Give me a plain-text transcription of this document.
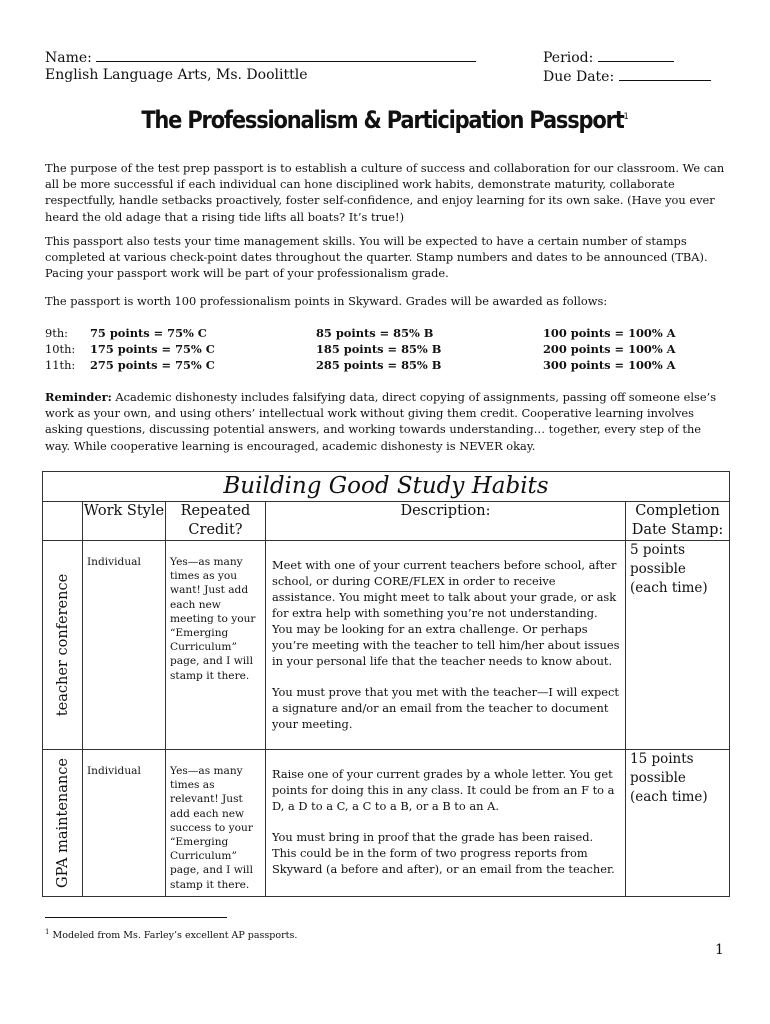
Name:
English Language Arts, Ms. Doolittle
Period:
Due Date:
The Professionalism & Participation Passport$^1$
The purpose of the test prep passport is to establish a culture of success and collaboration for our classroom. We can all be more successful if each individual can hone disciplined work habits, demonstrate maturity, collaborate respectfully, handle setbacks proactively, foster self-confidence, and enjoy learning for its own sake. (Have you ever heard the old adage that a rising tide lifts all boats? It’s true!)
This passport also tests your time management skills. You will be expected to have a certain number of stamps completed at various check-point dates throughout the quarter. Stamp numbers and dates to be announced (TBA). Pacing your passport work will be part of your professionalism grade.
The passport is worth 100 professionalism points in Skyward. Grades will be awarded as follows:
9th: 75 points = 75% C	85 points = 85% B	100 points = 100% A
10th: 175 points = 75% C	185 points = 85% B	200 points = 100% A
11th: 275 points = 75% C	285 points = 85% B	300 points = 100% A
Reminder: Academic dishonesty includes falsifying data, direct copying of assignments, passing off someone else’s work as your own, and using others’ intellectual work without giving them credit. Cooperative learning involves asking questions, discussing potential answers, and working towards understanding… together, every step of the way. While cooperative learning is encouraged, academic dishonesty is NEVER okay.
Building Good Study Habits				
	Work Style	Repeated Credit?	Description:	Completion Date Stamp:

teacher conference	Individual	Yes—as many times as you want! Just add each new meeting to your “Emerging Curriculum” page, and I will stamp it there.	Meet with one of your current teachers before school, after school, or during CORE/FLEX in order to receive assistance. You might meet to talk about your grade, or ask for extra help with something you’re not understanding. You may be looking for an extra challenge. Or perhaps you’re meeting with the teacher to tell him/her about issues in your personal life that the teacher needs to know about.

You must prove that you met with the teacher—I will expect a signature and/or an email from the teacher to document your meeting.	5 points possible (each time)

GPA maintenance	Individual	Yes—as many times as relevant! Just add each new success to your “Emerging Curriculum” page, and I will stamp it there.	Raise one of your current grades by a whole letter. You get points for doing this in any class. It could be from an F to a D, a D to a C, a C to a B, or a B to an A.

You must bring in proof that the grade has been raised. This could be in the form of two progress reports from Skyward (a before and after), or an email from the teacher.	15 points possible (each time)
$^1$ Modeled from Ms. Farley’s excellent AP passports.
1
